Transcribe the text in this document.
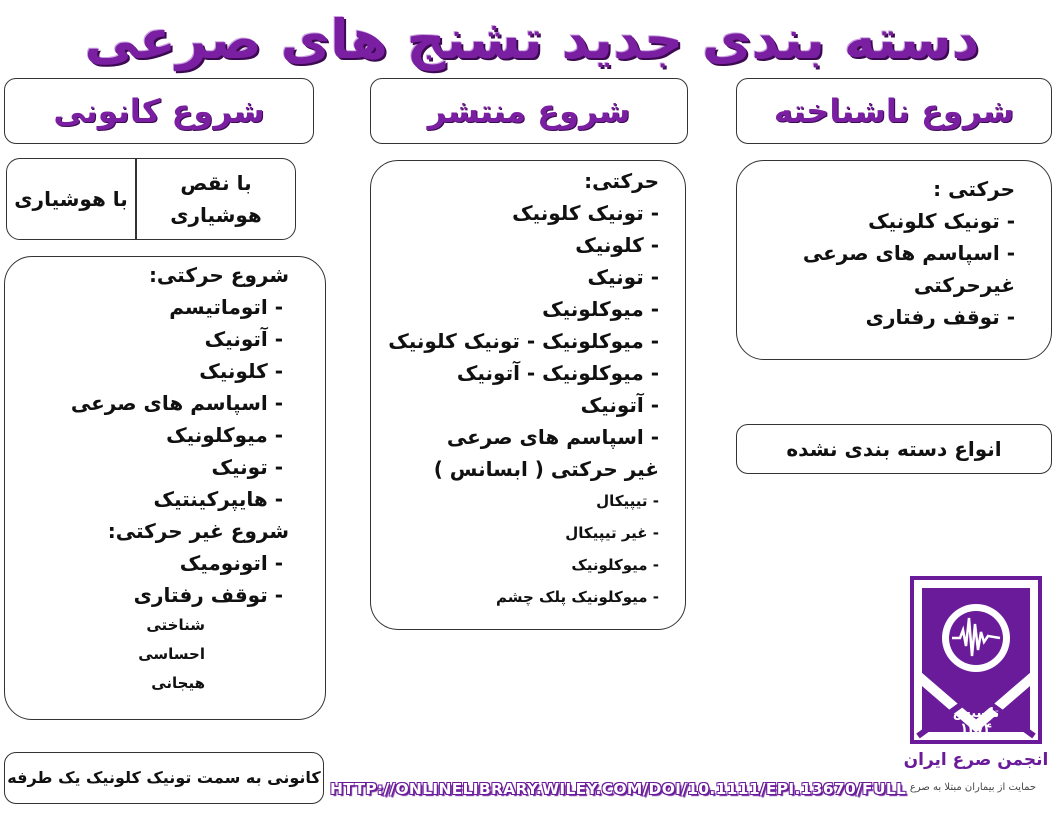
دسته بندی جدید تشنج های صرعی
شروع کانونی	شروع منتشر	شروع ناشناخته
با هوشیاری
با نقص
هوشیاری
شروع حرکتی:
- اتوماتیسم
- آتونیک
- کلونیک
- اسپاسم های صرعی
- میوکلونیک
- تونیک
- هایپرکینتیک
شروع غیر حرکتی:
- اتونومیک
- توقف رفتاری
شناختی
احساسی
هیجانی
کانونی به سمت تونیک کلونیک یک طرفه
حرکتی:
- تونیک کلونیک
- کلونیک
- تونیک
- میوکلونیک
- میوکلونیک - تونیک کلونیک
- میوکلونیک - آتونیک
- آتونیک
- اسپاسم های صرعی
غیر حرکتی ( ابسانس )
- تیپیکال
- غیر تیپیکال
- میوکلونیک
- میوکلونیک پلک چشم
حرکتی :
- تونیک کلونیک
- اسپاسم های صرعی
غیرحرکتی
- توقف رفتاری
انواع دسته بندی نشده
HTTP://ONLINELIBRARY.WILEY.COM/DOI/10.1111/EPI.13670/FULL
تاسیس
۱۳۷۴
انجمن صرع ایران
حمایت از بیماران مبتلا به صرع
